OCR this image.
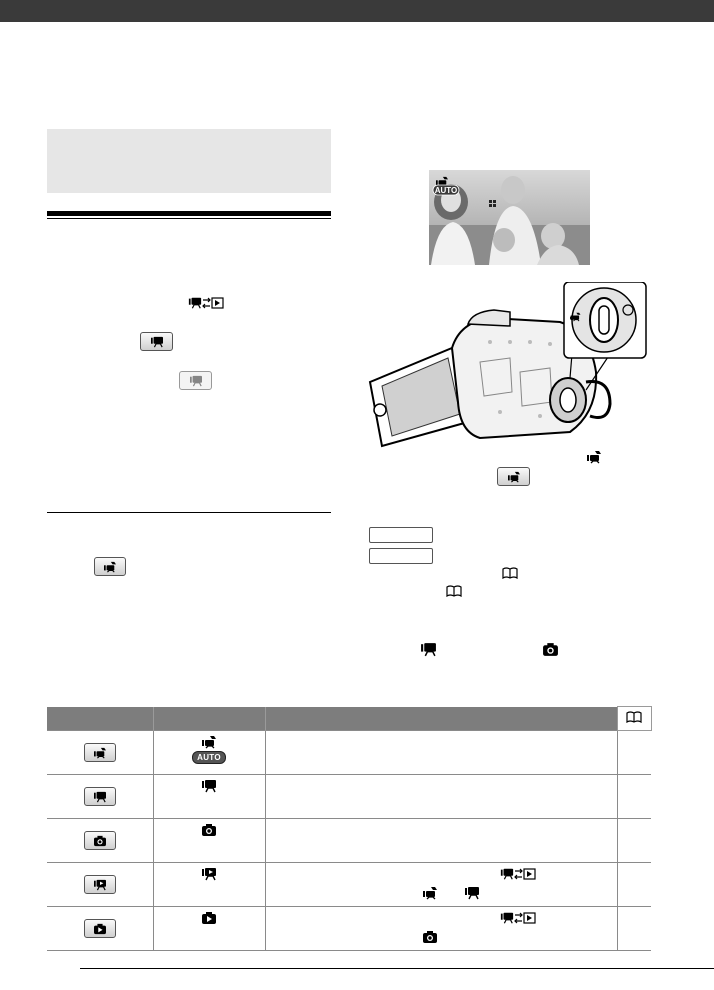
AUTO

AUTO		
